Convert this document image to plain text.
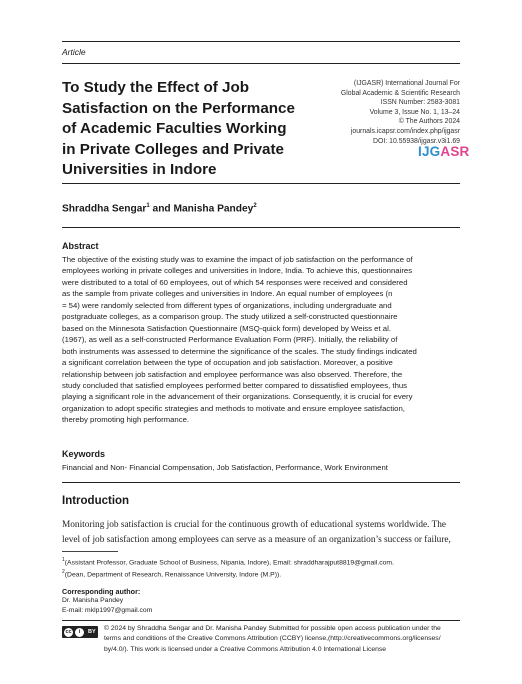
Article
To Study the Effect of Job
Satisfaction on the Performance
of Academic Faculties Working
in Private Colleges and Private
Universities in Indore
(IJGASR) International Journal For
Global Academic & Scientific Research
ISSN Number: 2583-3081
Volume 3, Issue No. 1, 13–24
© The Authors 2024
journals.icapsr.com/index.php/ijgasr
DOI: 10.55938/ijgasr.v3i1.69
IJGASR
Shraddha Sengar$^1$ and Manisha Pandey$^2$
Abstract
The objective of the existing study was to examine the impact of job satisfaction on the performance of
employees working in private colleges and universities in Indore, India. To achieve this, questionnaires
were distributed to a total of 60 employees, out of which 54 responses were received and considered
as the sample from private colleges and universities in Indore. An equal number of employees (n
= 54) were randomly selected from different types of organizations, including undergraduate and
postgraduate colleges, as a comparison group. The study utilized a self-constructed questionnaire
based on the Minnesota Satisfaction Questionnaire (MSQ-quick form) developed by Weiss et al.
(1967), as well as a self-constructed Performance Evaluation Form (PRF). Initially, the reliability of
both instruments was assessed to determine the significance of the scales. The study findings indicated
a significant correlation between the type of occupation and job satisfaction. Moreover, a positive
relationship between job satisfaction and employee performance was also observed. Therefore, the
study concluded that satisfied employees performed better compared to dissatisfied employees, thus
playing a significant role in the advancement of their organizations. Consequently, it is crucial for every
organization to adopt specific strategies and methods to motivate and ensure employee satisfaction,
thereby promoting high performance.
Keywords
Financial and Non- Financial Compensation, Job Satisfaction, Performance, Work Environment
Introduction
Monitoring job satisfaction is crucial for the continuous growth of educational systems worldwide. The
level of job satisfaction among employees can serve as a measure of an organization’s success or failure,
$^1$(Assistant Professor, Graduate School of Business, Nipania, Indore), Email: shraddharajput8819@gmail.com.
$^2$(Dean, Department of Research, Renaissance University, Indore (M.P)).
Corresponding author:
Dr. Manisha Pandey
E-mail: mklp1997@gmail.com
cc	i	BY © 2024 by Shraddha Sengar and Dr. Manisha Pandey Submitted for possible open access publication under the
terms and conditions of the Creative Commons Attribution (CCBY) license,(http://creativecommons.org/licenses/
by/4.0/). This work is licensed under a Creative Commons Attribution 4.0 International License
